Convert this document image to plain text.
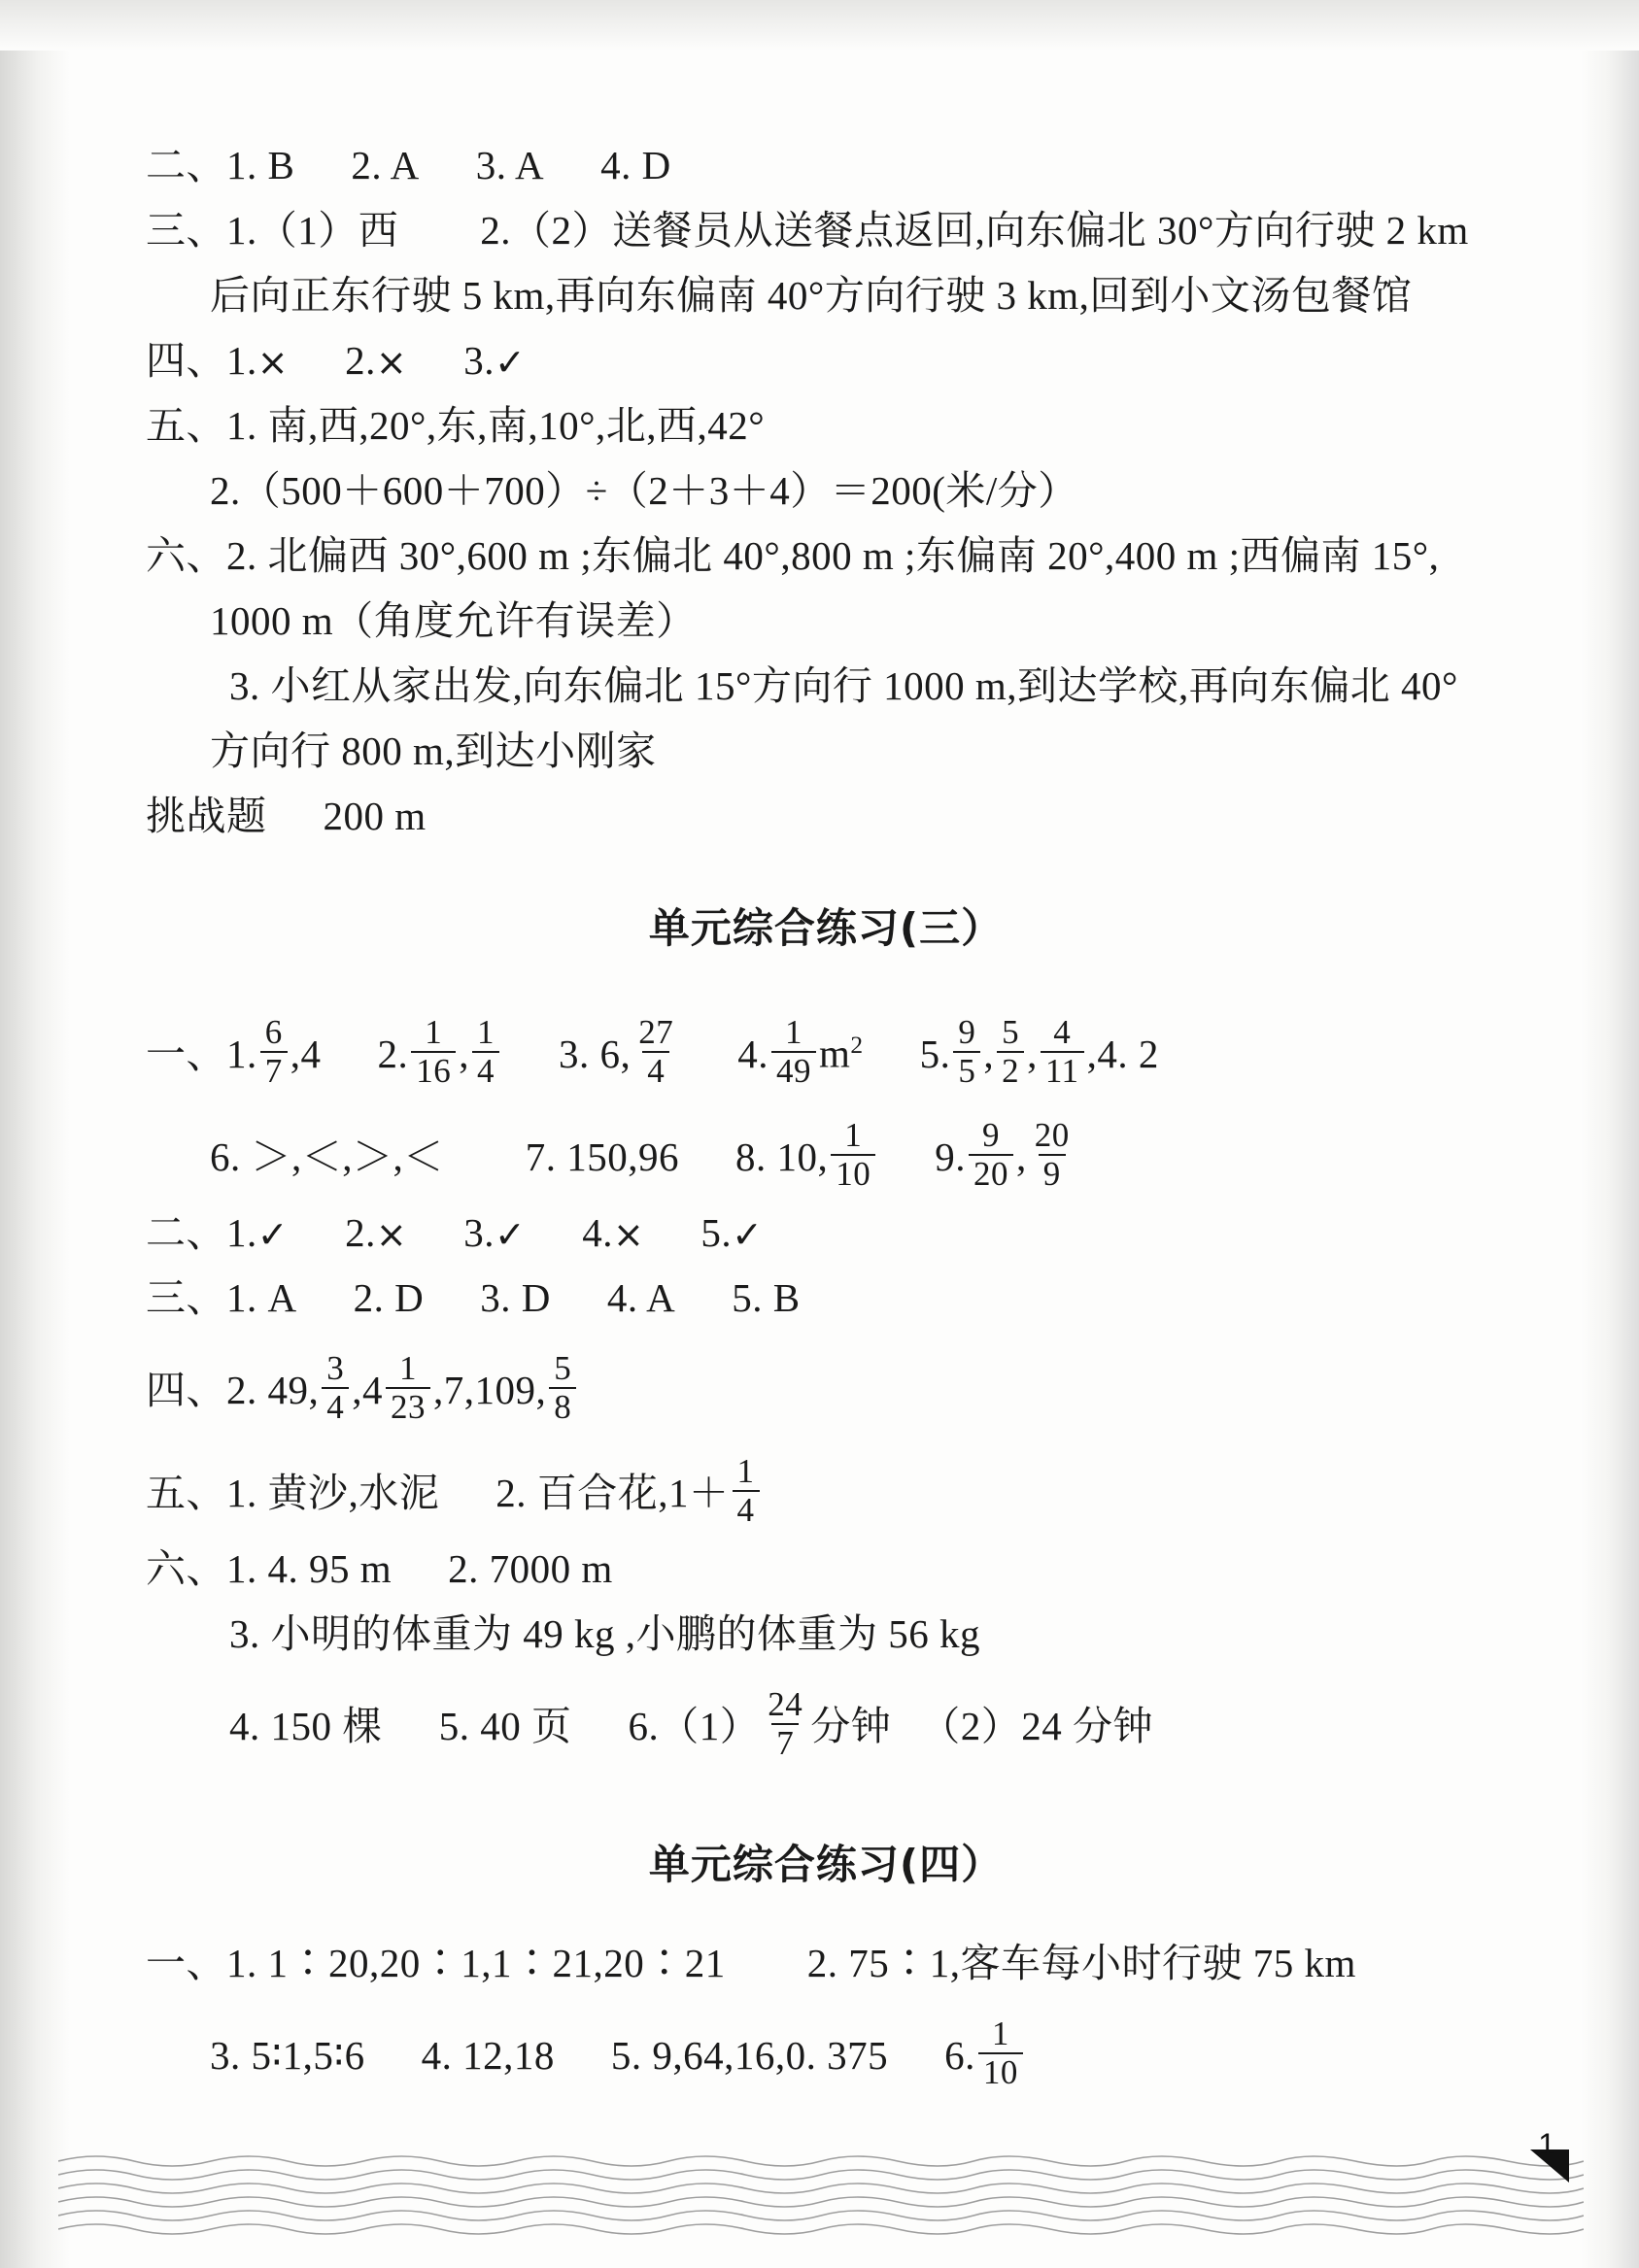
二、1. B 2. A 3. A 4. D
三、1.（1）西 2.（2）送餐员从送餐点返回,向东偏北 30°方向行驶 2 km
后向正东行驶 5 km,再向东偏南 40°方向行驶 3 km,回到小文汤包餐馆
四、1. × 2. × 3. ✓
五、1. 南,西,20°,东,南,10°,北,西,42°
2.（500＋600＋700）÷（2＋3＋4）＝200(米/分）
六、2. 北偏西 30°,600 m ;东偏北 40°,800 m ;东偏南 20°,400 m ;西偏南 15°,
1000 m（角度允许有误差）
3. 小红从家出发,向东偏北 15°方向行 1000 m,到达学校,再向东偏北 40°
方向行 800 m,到达小刚家
挑战题 200 m
单元综合练习(三）
一、1. $\frac{6}{7} ,4$ 2. $\frac{1}{16}$ , $\frac{1}{4} 3$. 6, $\frac{27}{4} 4$. $\frac{1}{49} m^2$ 5. $\frac{9}{5}$ , $\frac{5}{2}$ , $\frac{4}{11} ,4$. 2
6. ＞,＜,＞,＜ 7. 150,96 8. 10, $\frac{1}{10} 9$. $\frac{9}{20}$ , $\frac{20}{9}$
二、1. ✓ 2. × 3. ✓ 4. × 5. ✓
三、1. A 2. D 3. D 4. A 5. B
四、2. 49, $\frac{3}{4} ,4 \frac{1}{23} ,7,109$, $\frac{5}{8}$
五、1. 黄沙,水泥 2. 百合花$,1+ \frac{1}{4}$
六、1. 4. 95 m 2. 7000 m
3. 小明的体重为 49 kg ,小鹏的体重为 56 kg
4. 150 棵 5. 40 页 $6.(1) \frac{24}{7}$ 分钟 （2）24 分钟
单元综合练习(四）
一、1. 1∶20,20∶1,1∶21,20∶21 2. 75∶1,客车每小时行驶 75 km
3. 5∶1,5∶6 4. 12,18 5. 9,64,16,0. 375 6. $\frac{1}{10}$
1
